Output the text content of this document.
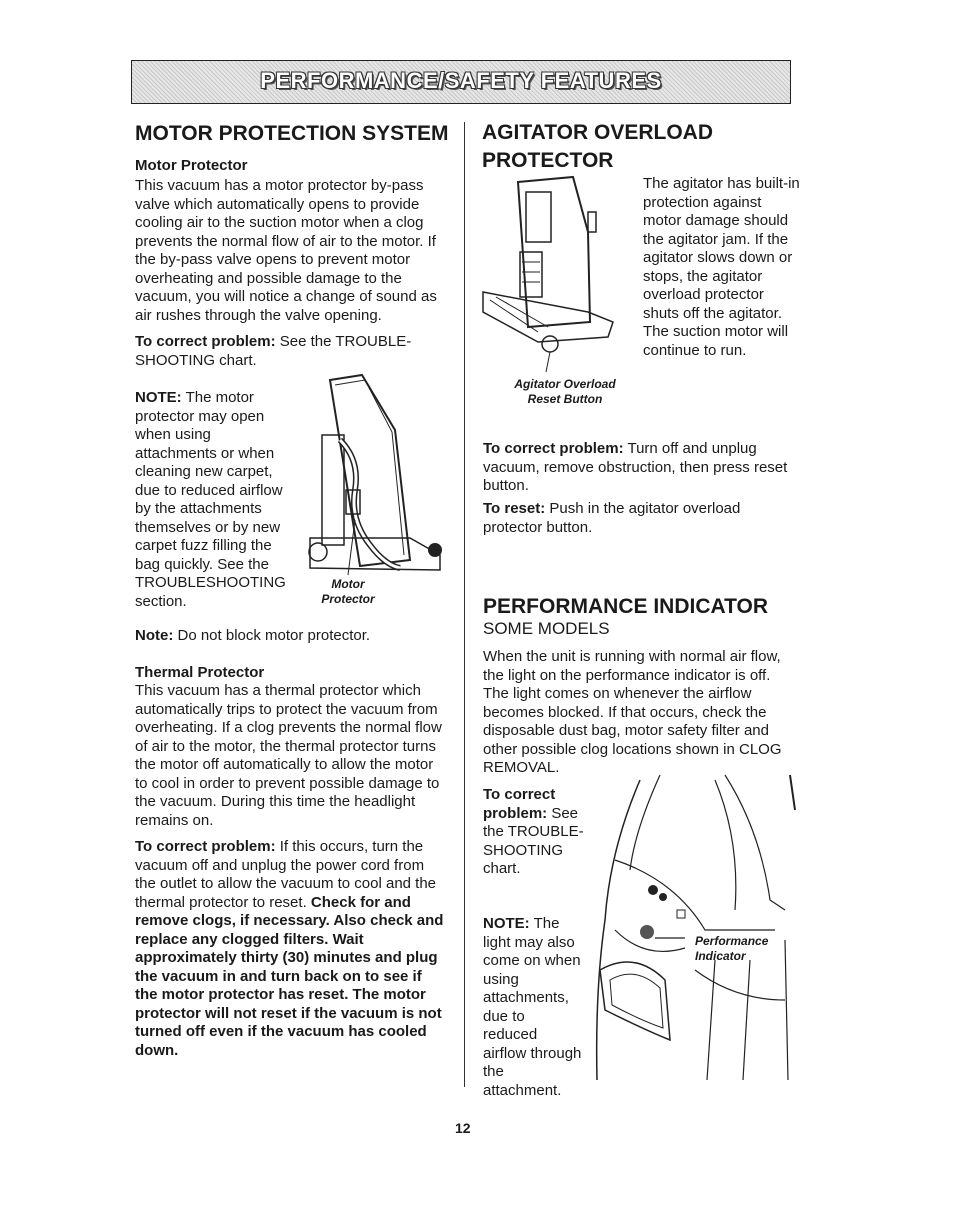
PERFORMANCE/SAFETY FEATURES
MOTOR PROTECTION SYSTEM
Motor Protector

This vacuum has a motor protector by-pass valve which automatically opens to provide cooling air to the suction motor when a clog prevents the normal flow of air to the motor. If the by-pass valve opens to prevent motor overheating and possible damage to the vacuum, you will notice a change of sound as air rushes through the valve opening.

To correct problem: See the TROUBLE-SHOOTING chart.

NOTE: The motor protector may open when using attachments or when cleaning new carpet, due to reduced airflow by the attachments themselves or by new carpet fuzz filling the bag quickly. See the TROUBLESHOOTING section.

Motor Protector

Note: Do not block motor protector.

Thermal Protector

This vacuum has a thermal protector which automatically trips to protect the vacuum from overheating. If a clog prevents the normal flow of air to the motor, the thermal protector turns the motor off automatically to allow the motor to cool in order to prevent possible damage to the vacuum. During this time the headlight remains on.

To correct problem: If this occurs, turn the vacuum off and unplug the power cord from the outlet to allow the vacuum to cool and the thermal protector to reset. Check for and remove clogs, if necessary. Also check and replace any clogged filters. Wait approximately thirty (30) minutes and plug the vacuum in and turn back on to see if the motor protector has reset. The motor protector will not reset if the vacuum is not turned off even if the vacuum has cooled down.

AGITATOR OVERLOAD
PROTECTOR
Agitator Overload
Reset Button

The agitator has built-in protection against motor damage should the agitator jam. If the agitator slows down or stops, the agitator overload protector shuts off the agitator. The suction motor will continue to run.

To correct problem: Turn off and unplug vacuum, remove obstruction, then press reset button.

To reset: Push in the agitator overload protector button.

PERFORMANCE INDICATOR
SOME MODELS

When the unit is running with normal air flow, the light on the performance indicator is off. The light comes on whenever the airflow becomes blocked. If that occurs, check the disposable dust bag, motor safety filter and other possible clog locations shown in CLOG REMOVAL.

To correct problem: See the TROUBLE-SHOOTING chart.

NOTE: The light may also come on when using attachments, due to reduced airflow through the attachment.

Performance
Indicator
12
